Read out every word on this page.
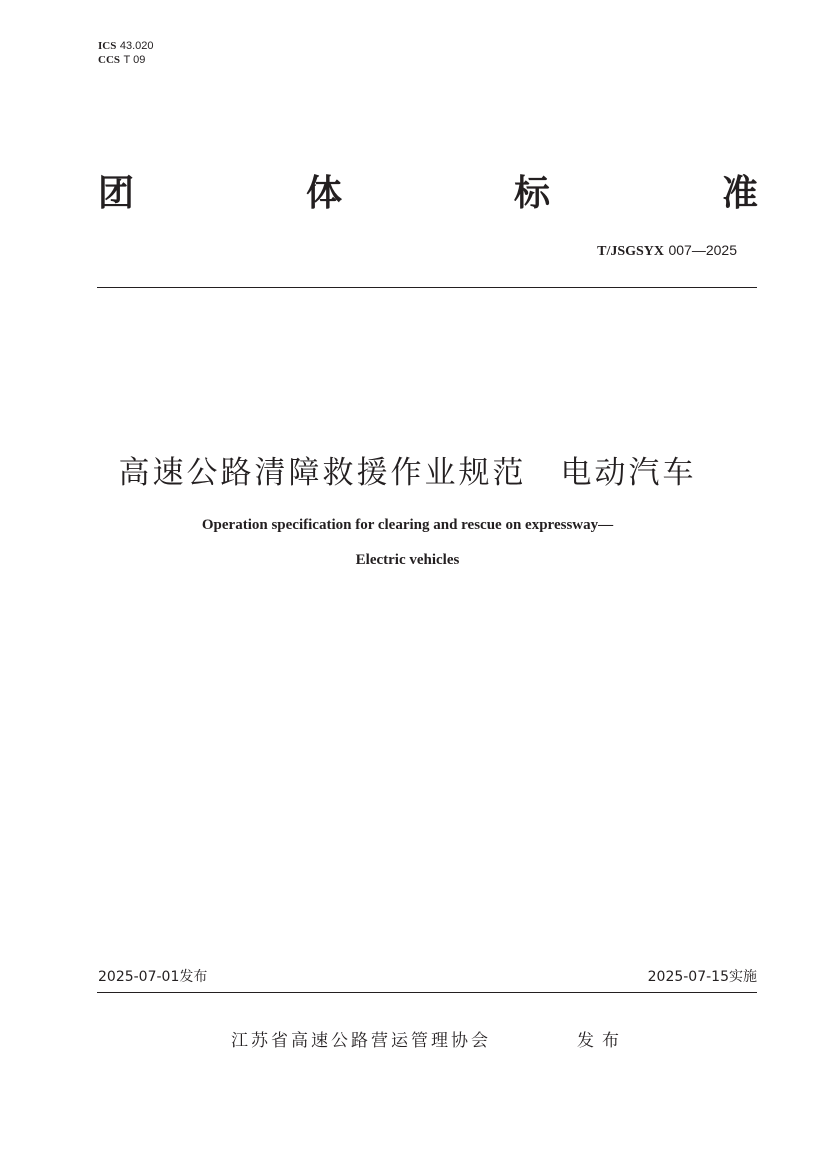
ICS 43.020
CCS T 09
团	体	标	准
T/JSGSYX 007—2025
高速公路清障救援作业规范 电动汽车
Operation specification for clearing and rescue on expressway—
Electric vehicles
2025-07-01发布	2025-07-15实施
江苏省高速公路营运管理协会	发布
